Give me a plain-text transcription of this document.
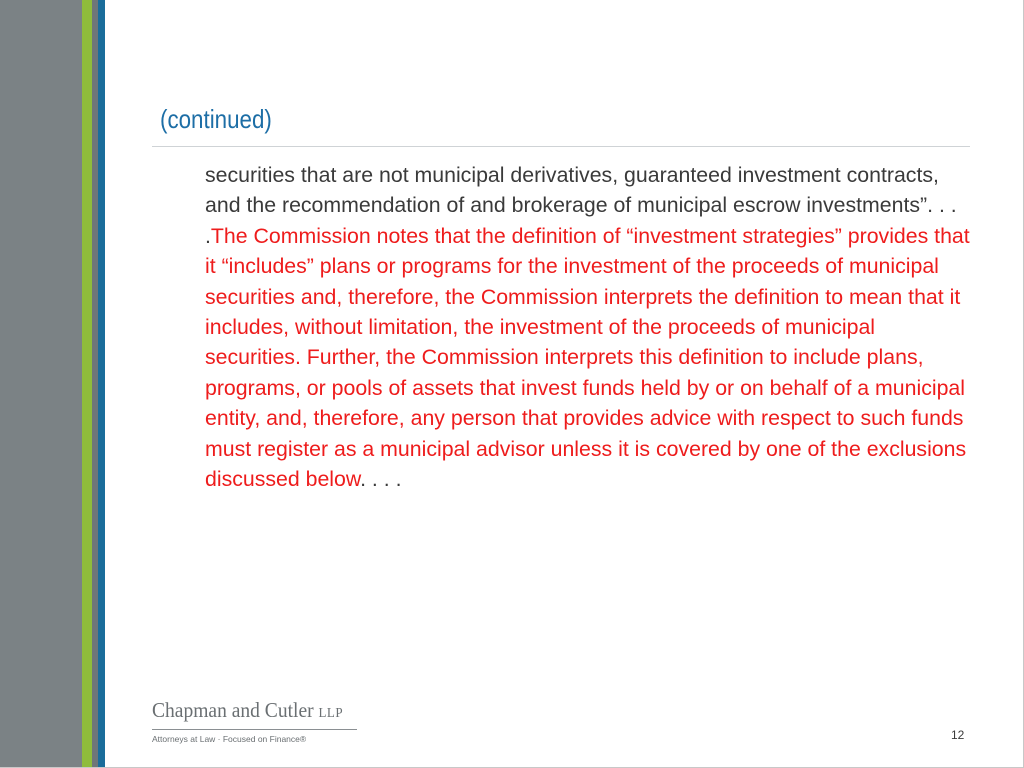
(continued)
securities that are not municipal derivatives, guaranteed investment contracts, and the recommendation of and brokerage of municipal escrow investments”. . . .The Commission notes that the definition of “investment strategies” provides that it “includes” plans or programs for the investment of the proceeds of municipal securities and, therefore, the Commission interprets the definition to mean that it includes, without limitation, the investment of the proceeds of municipal securities. Further, the Commission interprets this definition to include plans, programs, or pools of assets that invest funds held by or on behalf of a municipal entity, and, therefore, any person that provides advice with respect to such funds must register as a municipal advisor unless it is covered by one of the exclusions discussed below. . . .
Chapman and Cutler LLP
Attorneys at Law · Focused on Finance®	12
